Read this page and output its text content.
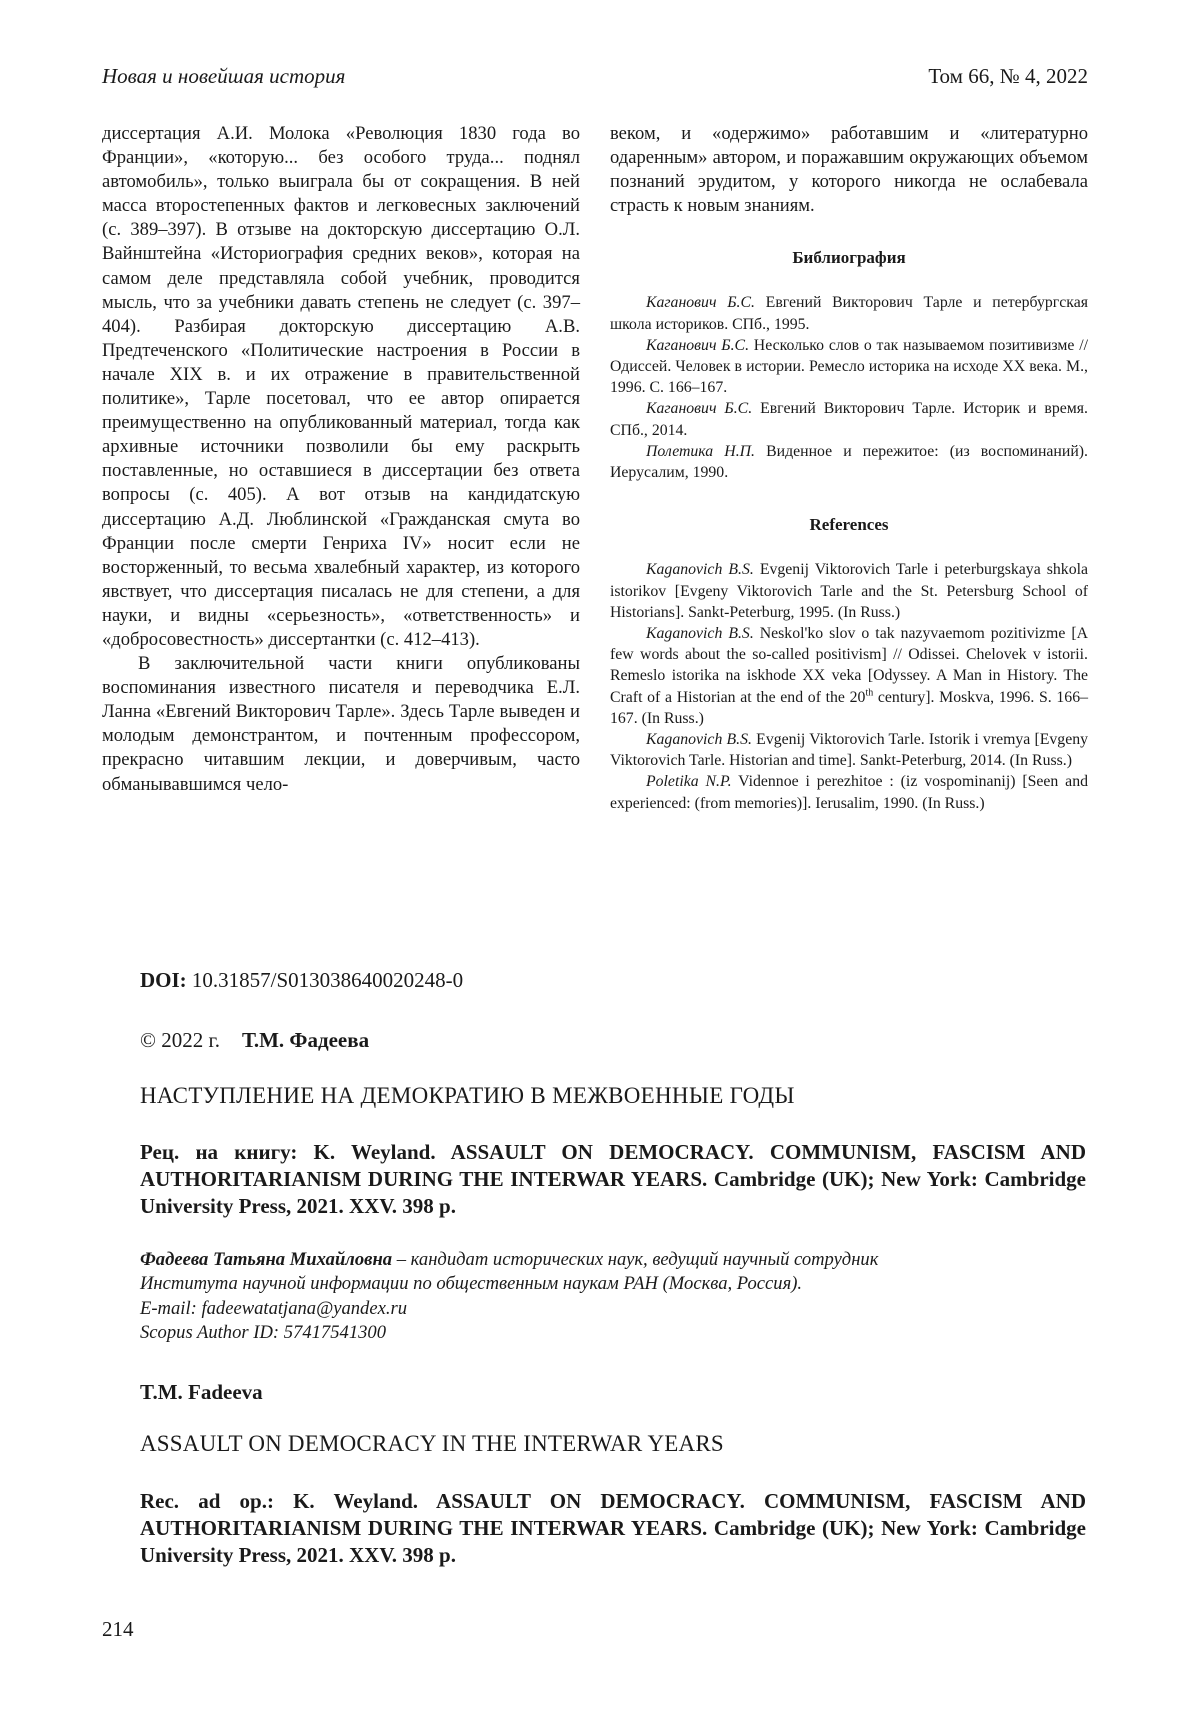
Новая и новейшая история	Том 66, № 4, 2022

диссертация А.И. Молока «Революция 1830 года во Франции», «которую... без особого труда... поднял автомобиль», только выиграла бы от сокращения. В ней масса второстепенных фактов и легковесных заключений (с. 389–397). В отзыве на докторскую диссертацию О.Л. Вайнштейна «Историография средних веков», которая на самом деле представляла собой учебник, проводится мысль, что за учебники давать степень не следует (с. 397–404). Разбирая докторскую диссертацию А.В. Предтеченского «Политические настроения в России в начале XIX в. и их отражение в правительственной политике», Тарле посетовал, что ее автор опирается преимущественно на опубликованный материал, тогда как архивные источники позволили бы ему раскрыть поставленные, но оставшиеся в диссертации без ответа вопросы (с. 405). А вот отзыв на кандидатскую диссертацию А.Д. Люблинской «Гражданская смута во Франции после смерти Генриха IV» носит если не восторженный, то весьма хвалебный характер, из которого явствует, что диссертация писалась не для степени, а для науки, и видны «серьезность», «ответственность» и «добросовестность» диссертантки (с. 412–413).

В заключительной части книги опубликованы воспоминания известного писателя и переводчика Е.Л. Ланна «Евгений Викторович Тарле». Здесь Тарле выведен и молодым демонстрантом, и почтенным профессором, прекрасно читавшим лекции, и доверчивым, часто обманывавшимся чело-

веком, и «одержимо» работавшим и «литературно одаренным» автором, и поражавшим окружающих объемом познаний эрудитом, у которого никогда не ослабевала страсть к новым знаниям.

Библиография

Каганович Б.С. Евгений Викторович Тарле и петербургская школа историков. СПб., 1995.

Каганович Б.С. Несколько слов о так называемом позитивизме // Одиссей. Человек в истории. Ремесло историка на исходе XX века. М., 1996. С. 166–167.

Каганович Б.С. Евгений Викторович Тарле. Историк и время. СПб., 2014.

Полетика Н.П. Виденное и пережитое: (из воспоминаний). Иерусалим, 1990.

References

Kaganovich B.S. Evgenij Viktorovich Tarle i peterburgskaya shkola istorikov [Evgeny Viktorovich Tarle and the St. Petersburg School of Historians]. Sankt-Peterburg, 1995. (In Russ.)

Kaganovich B.S. Neskol'ko slov o tak nazyvaemom pozitivizme [A few words about the so-called positivism] // Odissei. Chelovek v istorii. Remeslo istorika na iskhode XX veka [Odyssey. A Man in History. The Craft of a Historian at the end of the 20th century]. Moskva, 1996. S. 166–167. (In Russ.)

Kaganovich B.S. Evgenij Viktorovich Tarle. Istorik i vremya [Evgeny Viktorovich Tarle. Historian and time]. Sankt-Peterburg, 2014. (In Russ.)

Poletika N.P. Vidennoe i perezhitoe : (iz vospominanij) [Seen and experienced: (from memories)]. Ierusalim, 1990. (In Russ.)

DOI: 10.31857/S013038640020248-0
© 2022 г. Т.М. Фадеева
НАСТУПЛЕНИЕ НА ДЕМОКРАТИЮ В МЕЖВОЕННЫЕ ГОДЫ
Рец. на книгу: K. Weyland. ASSAULT ON DEMOCRACY. COMMUNISM, FASCISM AND AUTHORITARIANISM DURING THE INTERWAR YEARS. Cambridge (UK); New York: Cambridge University Press, 2021. XXV. 398 p.
Фадеева Татьяна Михайловна – кандидат исторических наук, ведущий научный сотрудник
Института научной информации по общественным наукам РАН (Москва, Россия).
E-mail: fadeewatatjana@yandex.ru
Scopus Author ID: 57417541300
T.M. Fadeeva
ASSAULT ON DEMOCRACY IN THE INTERWAR YEARS
Rec. ad op.: K. Weyland. ASSAULT ON DEMOCRACY. COMMUNISM, FASCISM AND AUTHORITARIANISM DURING THE INTERWAR YEARS. Cambridge (UK); New York: Cambridge University Press, 2021. XXV. 398 p.
214
